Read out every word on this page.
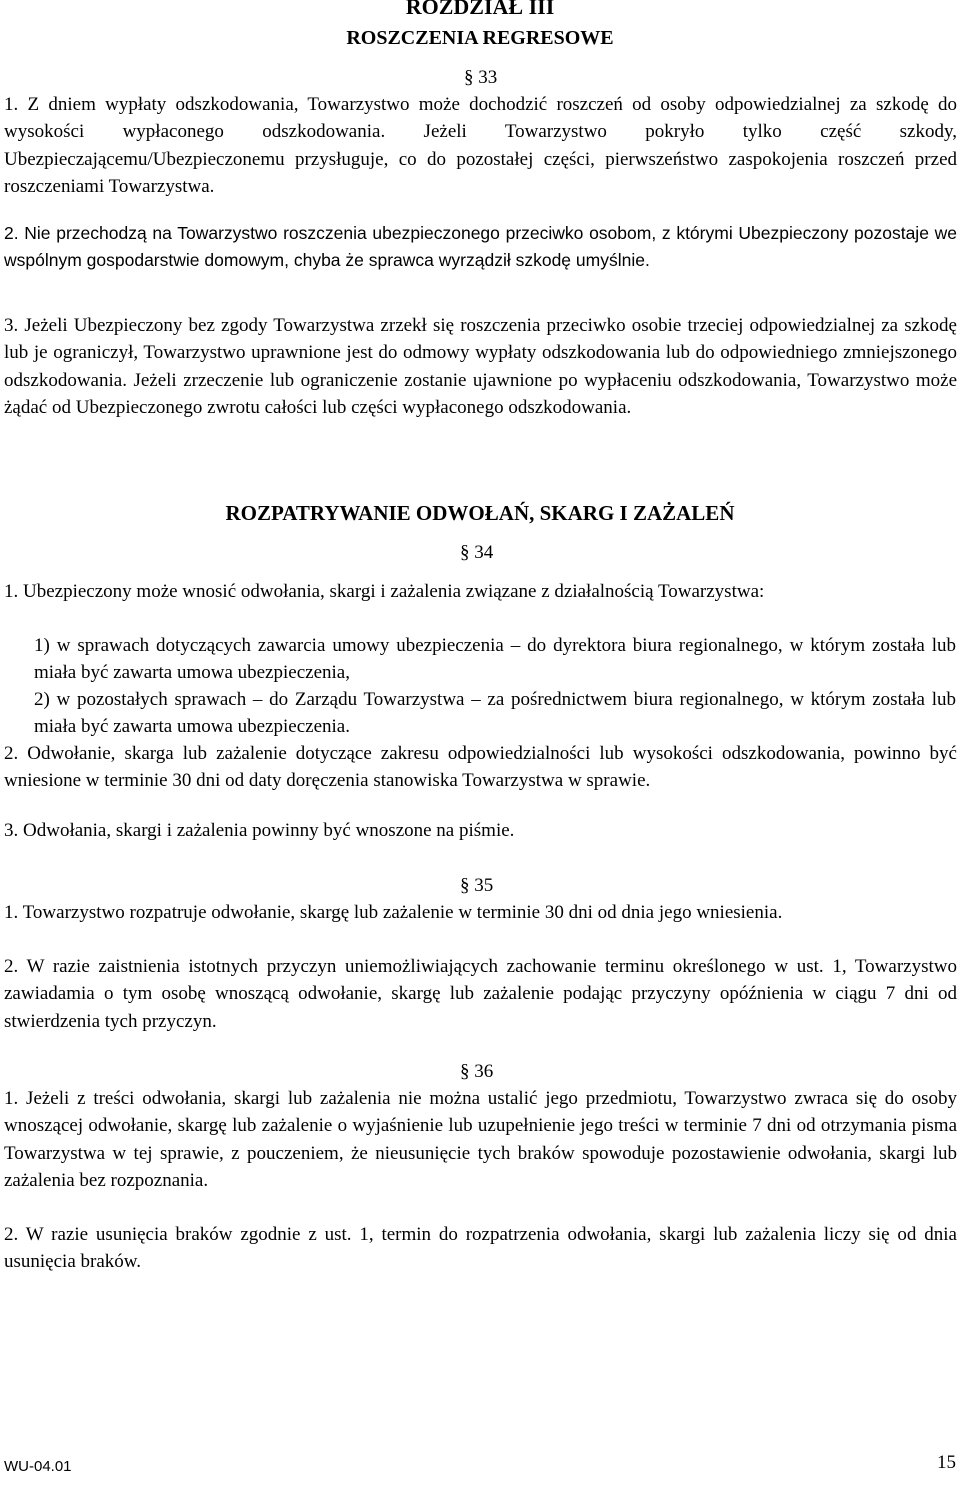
ROZDZIAŁ III
ROSZCZENIA REGRESOWE
§ 33
1. Z dniem wypłaty odszkodowania, Towarzystwo może dochodzić roszczeń od osoby odpowiedzialnej za szkodę do wysokości wypłaconego odszkodowania. Jeżeli Towarzystwo pokryło tylko część szkody, Ubezpieczającemu/Ubezpieczonemu przysługuje, co do pozostałej części, pierwszeństwo zaspokojenia roszczeń przed roszczeniami Towarzystwa.
2. Nie przechodzą na Towarzystwo roszczenia ubezpieczonego przeciwko osobom, z którymi Ubezpieczony pozostaje we wspólnym gospodarstwie domowym, chyba że sprawca wyrządził szkodę umyślnie.
3. Jeżeli Ubezpieczony bez zgody Towarzystwa zrzekł się roszczenia przeciwko osobie trzeciej odpowiedzialnej za szkodę lub je ograniczył, Towarzystwo uprawnione jest do odmowy wypłaty odszkodowania lub do odpowiedniego zmniejszonego odszkodowania. Jeżeli zrzeczenie lub ograniczenie zostanie ujawnione po wypłaceniu odszkodowania, Towarzystwo może żądać od Ubezpieczonego zwrotu całości lub części wypłaconego odszkodowania.
ROZPATRYWANIE ODWOŁAŃ, SKARG I ZAŻALEŃ
§ 34
1. Ubezpieczony może wnosić odwołania, skargi i zażalenia związane z działalnością Towarzystwa:
1) w sprawach dotyczących zawarcia umowy ubezpieczenia – do dyrektora biura regionalnego, w którym została lub miała być zawarta umowa ubezpieczenia,
2) w pozostałych sprawach – do Zarządu Towarzystwa – za pośrednictwem biura regionalnego, w którym została lub miała być zawarta umowa ubezpieczenia.
2. Odwołanie, skarga lub zażalenie dotyczące zakresu odpowiedzialności lub wysokości odszkodowania, powinno być wniesione w terminie 30 dni od daty doręczenia stanowiska Towarzystwa w sprawie.
3. Odwołania, skargi i zażalenia powinny być wnoszone na piśmie.
§ 35
1. Towarzystwo rozpatruje odwołanie, skargę lub zażalenie w terminie 30 dni od dnia jego wniesienia.
2. W razie zaistnienia istotnych przyczyn uniemożliwiających zachowanie terminu określonego w ust. 1, Towarzystwo zawiadamia o tym osobę wnoszącą odwołanie, skargę lub zażalenie podając przyczyny opóźnienia w ciągu 7 dni od stwierdzenia tych przyczyn.
§ 36
1. Jeżeli z treści odwołania, skargi lub zażalenia nie można ustalić jego przedmiotu, Towarzystwo zwraca się do osoby wnoszącej odwołanie, skargę lub zażalenie o wyjaśnienie lub uzupełnienie jego treści w terminie 7 dni od otrzymania pisma Towarzystwa w tej sprawie, z pouczeniem, że nieusunięcie tych braków spowoduje pozostawienie odwołania, skargi lub zażalenia bez rozpoznania.
2. W razie usunięcia braków zgodnie z ust. 1, termin do rozpatrzenia odwołania, skargi lub zażalenia liczy się od dnia usunięcia braków.
WU-04.01	15
